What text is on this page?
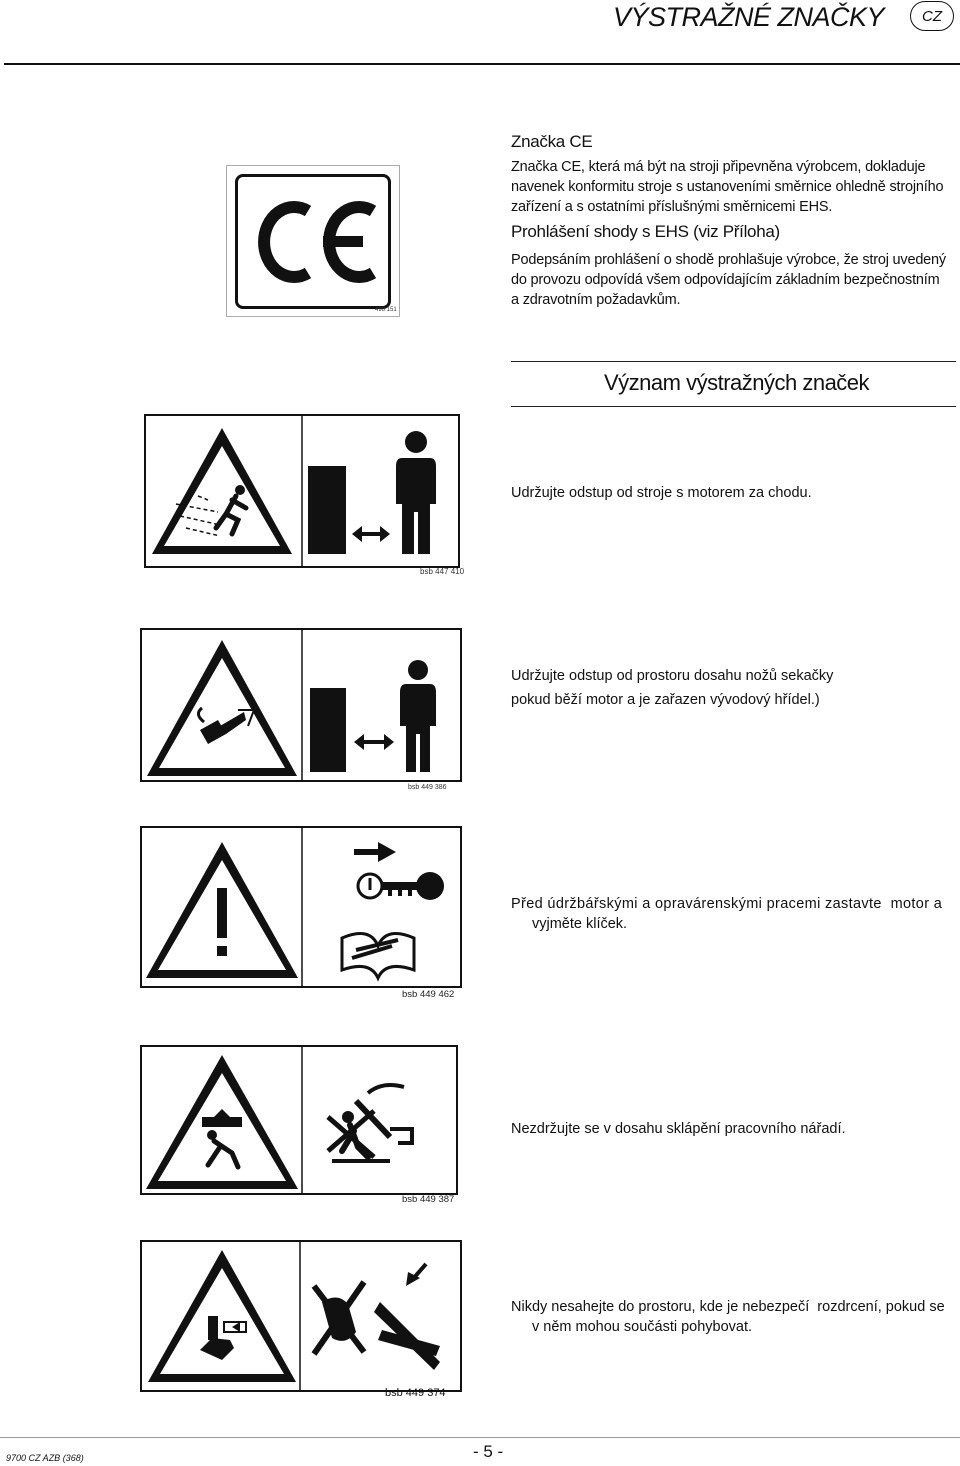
VÝSTRAŽNÉ ZNAČKY	CZ
498 151
Značka CE
Značka CE, která má být na stroji připevněna výrobcem, dokladuje
navenek konformitu stroje s ustanoveními směrnice ohledně strojního
zařízení a s ostatními příslušnými směrnicemi EHS.
Prohlášení shody s EHS (viz Příloha)
Podepsáním prohlášení o shodě prohlašuje výrobce, že stroj uvedený
do provozu odpovídá všem odpovídajícím základním bezpečnostním
a zdravotním požadavkům.
Význam výstražných značek
bsb 447 410
Udržujte odstup od stroje s motorem za chodu.
bsb 449 386
Udržujte odstup od prostoru dosahu nožů sekačky
pokud běží motor a je zařazen vývodový hřídel.)
bsb 449 462
Před údržbářskými a opravárenskými pracemi zastavte  motor a
vyjměte klíček.
bsb 449 387
Nezdržujte se v dosahu sklápění pracovního nářadí.
bsb 449 374
Nikdy nesahejte do prostoru, kde je nebezpečí  rozdrcení, pokud se
v něm mohou součásti pohybovat.
9700 CZ AZB (368)	- 5 -
